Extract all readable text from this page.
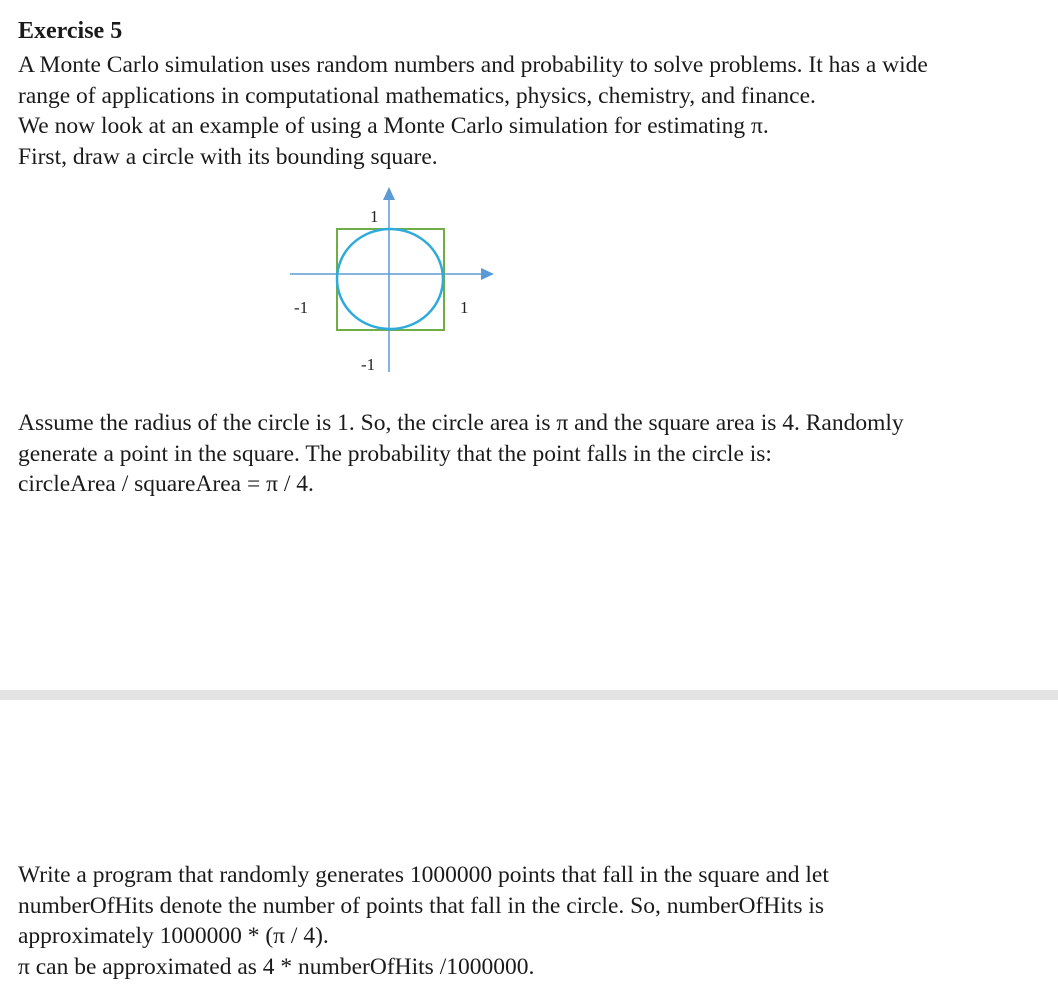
Exercise 5
A Monte Carlo simulation uses random numbers and probability to solve problems. It has a wide
range of applications in computational mathematics, physics, chemistry, and finance.
We now look at an example of using a Monte Carlo simulation for estimating π.
First, draw a circle with its bounding square.
1
-1	1
-1
Assume the radius of the circle is 1. So, the circle area is π and the square area is 4. Randomly
generate a point in the square. The probability that the point falls in the circle is:
circleArea / squareArea = π / 4.
Write a program that randomly generates 1000000 points that fall in the square and let
numberOfHits denote the number of points that fall in the circle. So, numberOfHits is
approximately 1000000 * (π / 4).
π can be approximated as 4 * numberOfHits /1000000.
